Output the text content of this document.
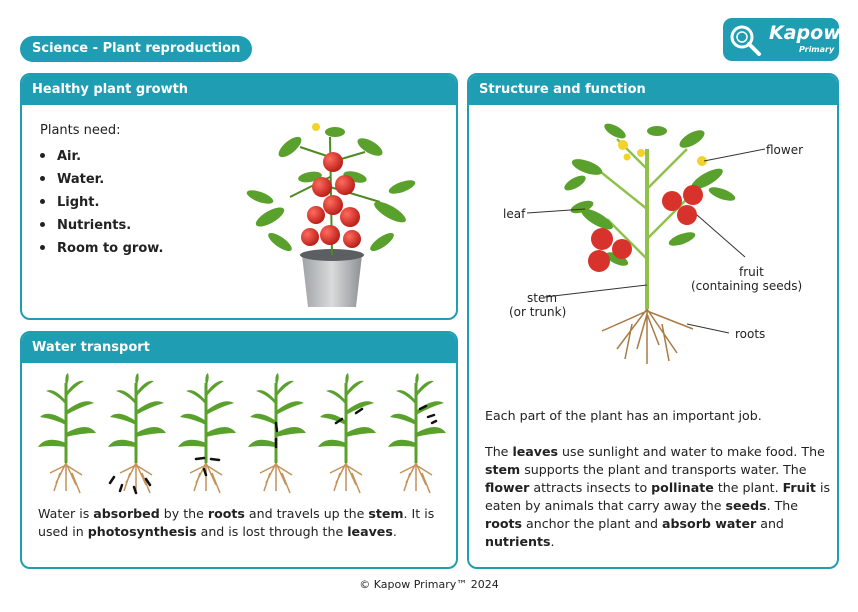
Science - Plant reproduction
Kapow
Primary
Healthy plant growth
Plants need:
Air.
Water.
Light.
Nutrients.
Room to grow.
Water transport
Water is absorbed by the roots and travels up the stem. It is used in photosynthesis and is lost through the leaves.
Structure and function
flower
leaf
fruit
(containing seeds)
stem
(or trunk)
roots

Each part of the plant has an important job.

The leaves use sunlight and water to make food. The stem supports the plant and transports water. The flower attracts insects to pollinate the plant. Fruit is eaten by animals that carry away the seeds. The roots anchor the plant and absorb water and nutrients.

© Kapow Primary™ 2024
